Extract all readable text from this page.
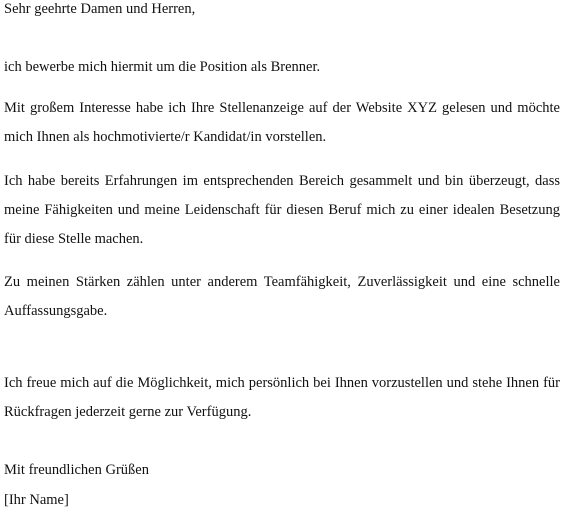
Sehr geehrte Damen und Herren,

ich bewerbe mich hiermit um die Position als Brenner.

Mit großem Interesse habe ich Ihre Stellenanzeige auf der Website XYZ gelesen und möchte mich Ihnen als hochmotivierte/r Kandidat/in vorstellen.

Ich habe bereits Erfahrungen im entsprechenden Bereich gesammelt und bin überzeugt, dass meine Fähigkeiten und meine Leidenschaft für diesen Beruf mich zu einer idealen Besetzung für diese Stelle machen.

Zu meinen Stärken zählen unter anderem Teamfähigkeit, Zuverlässigkeit und eine schnelle Auffassungsgabe.

Ich freue mich auf die Möglichkeit, mich persönlich bei Ihnen vorzustellen und stehe Ihnen für Rückfragen jederzeit gerne zur Verfügung.

Mit freundlichen Grüßen

[Ihr Name]
